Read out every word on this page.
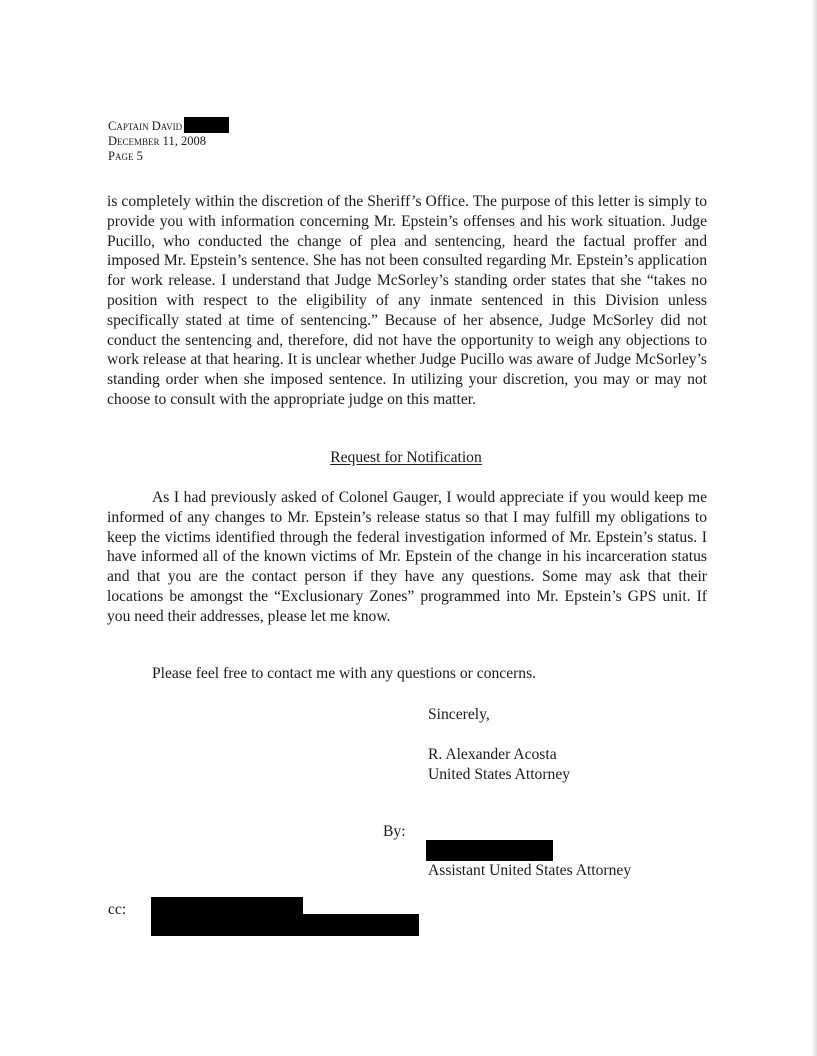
Captain David
December 11, 2008
Page 5

is completely within the discretion of the Sheriff’s Office. The purpose of this letter is simply to provide you with information concerning Mr. Epstein’s offenses and his work situation. Judge Pucillo, who conducted the change of plea and sentencing, heard the factual proffer and imposed Mr. Epstein’s sentence. She has not been consulted regarding Mr. Epstein’s application for work release. I understand that Judge McSorley’s standing order states that she “takes no position with respect to the eligibility of any inmate sentenced in this Division unless specifically stated at time of sentencing.” Because of her absence, Judge McSorley did not conduct the sentencing and, therefore, did not have the opportunity to weigh any objections to work release at that hearing. It is unclear whether Judge Pucillo was aware of Judge McSorley’s standing order when she imposed sentence. In utilizing your discretion, you may or may not choose to consult with the appropriate judge on this matter.

Request for Notification

As I had previously asked of Colonel Gauger, I would appreciate if you would keep me informed of any changes to Mr. Epstein’s release status so that I may fulfill my obligations to keep the victims identified through the federal investigation informed of Mr. Epstein’s status. I have informed all of the known victims of Mr. Epstein of the change in his incarceration status and that you are the contact person if they have any questions. Some may ask that their locations be amongst the “Exclusionary Zones” programmed into Mr. Epstein’s GPS unit. If you need their addresses, please let me know.

Please feel free to contact me with any questions or concerns.

Sincerely,
R. Alexander Acosta
United States Attorney
By:
Assistant United States Attorney
cc:
